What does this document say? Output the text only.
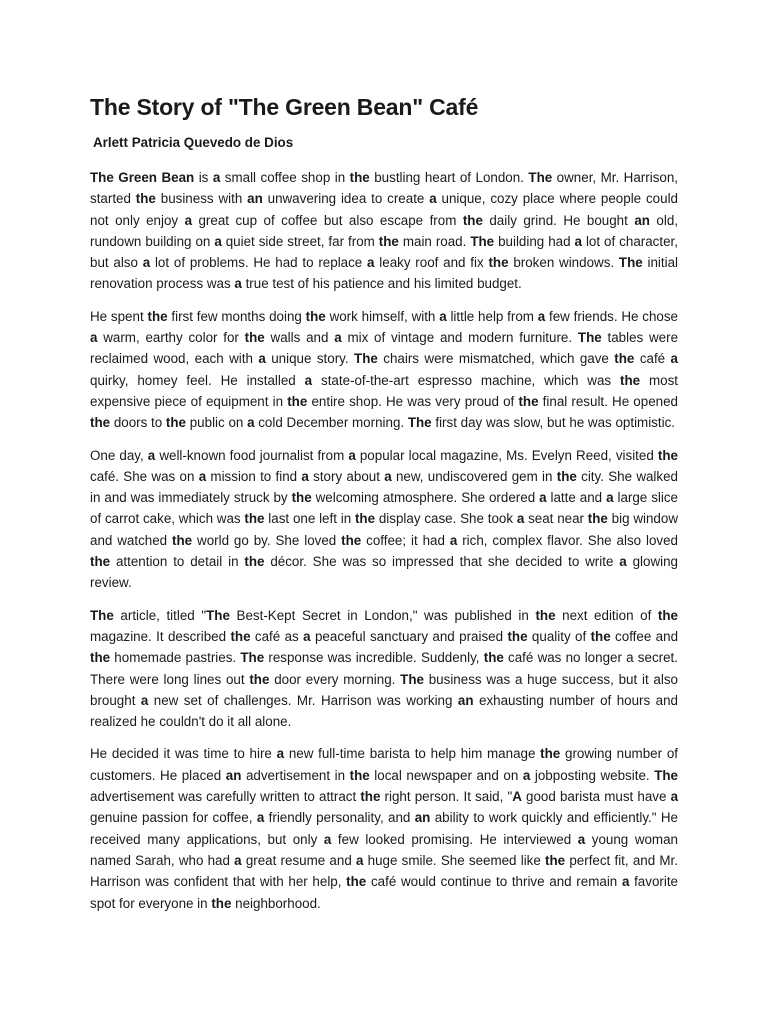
The Story of "The Green Bean" Café
Arlett Patricia Quevedo de Dios

The Green Bean is a small coffee shop in the bustling heart of London. The owner, Mr. Harrison, started the business with an unwavering idea to create a unique, cozy place where people could not only enjoy a great cup of coffee but also escape from the daily grind. He bought an old, rundown building on a quiet side street, far from the main road. The building had a lot of character, but also a lot of problems. He had to replace a leaky roof and fix the broken windows. The initial renovation process was a true test of his patience and his limited budget.

He spent the first few months doing the work himself, with a little help from a few friends. He chose a warm, earthy color for the walls and a mix of vintage and modern furniture. The tables were reclaimed wood, each with a unique story. The chairs were mismatched, which gave the café a quirky, homey feel. He installed a state-of-the-art espresso machine, which was the most expensive piece of equipment in the entire shop. He was very proud of the final result. He opened the doors to the public on a cold December morning. The first day was slow, but he was optimistic.

One day, a well-known food journalist from a popular local magazine, Ms. Evelyn Reed, visited the café. She was on a mission to find a story about a new, undiscovered gem in the city. She walked in and was immediately struck by the welcoming atmosphere. She ordered a latte and a large slice of carrot cake, which was the last one left in the display case. She took a seat near the big window and watched the world go by. She loved the coffee; it had a rich, complex flavor. She also loved the attention to detail in the décor. She was so impressed that she decided to write a glowing review.

The article, titled "The Best-Kept Secret in London," was published in the next edition of the magazine. It described the café as a peaceful sanctuary and praised the quality of the coffee and the homemade pastries. The response was incredible. Suddenly, the café was no longer a secret. There were long lines out the door every morning. The business was a huge success, but it also brought a new set of challenges. Mr. Harrison was working an exhausting number of hours and realized he couldn't do it all alone.

He decided it was time to hire a new full-time barista to help him manage the growing number of customers. He placed an advertisement in the local newspaper and on a jobposting website. The advertisement was carefully written to attract the right person. It said, "A good barista must have a genuine passion for coffee, a friendly personality, and an ability to work quickly and efficiently." He received many applications, but only a few looked promising. He interviewed a young woman named Sarah, who had a great resume and a huge smile. She seemed like the perfect fit, and Mr. Harrison was confident that with her help, the café would continue to thrive and remain a favorite spot for everyone in the neighborhood.
